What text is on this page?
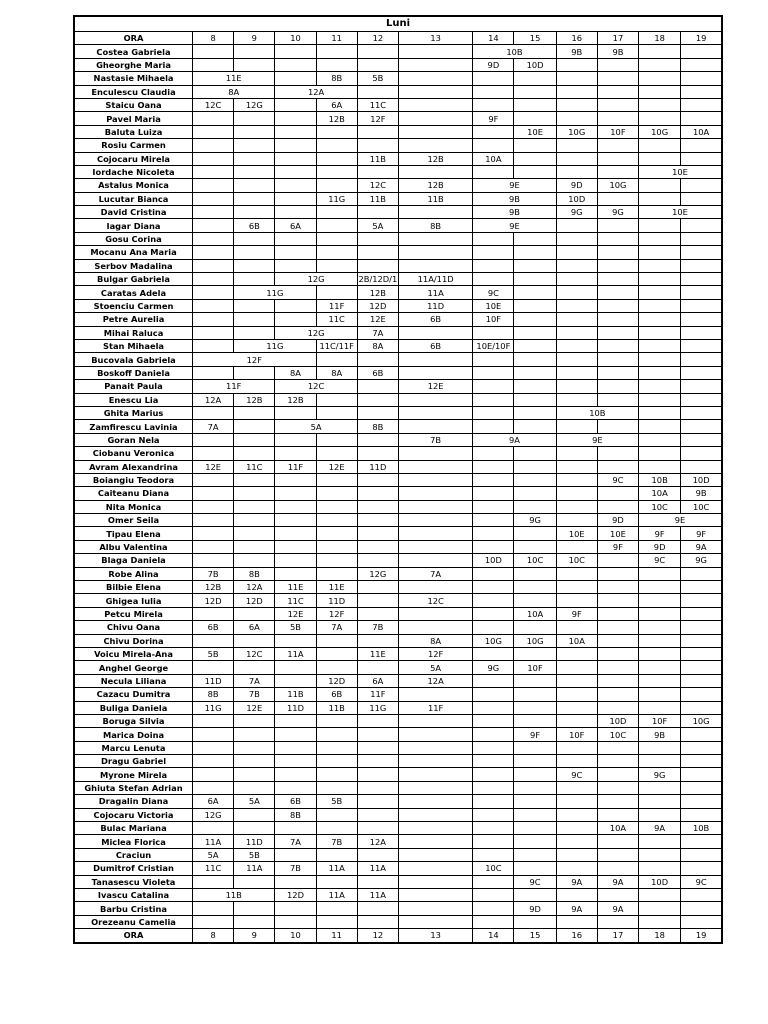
Luni												
ORA	8	9	10	11	12	13	14	15	16	17	18	19
Costea Gabriela							10B		9B	9B		
Gheorghe Maria							9D	10D				
Nastasie Mihaela	11E			8B	5B							
Enculescu Claudia	8A		12A									
Staicu Oana	12C	12G		6A	11C							
Pavel Maria				12B	12F		9F					
Baluta Luiza								10E	10G	10F	10G	10A
Rosiu Carmen												
Cojocaru Mirela					11B	12B	10A					
Iordache Nicoleta											10E	
Astalus Monica					12C	12B	9E		9D	10G		
Lucutar Bianca				11G	11B	11B	9B		10D			
David Cristina							9B		9G	9G	10E	
Iagar Diana		6B	6A		5A	8B	9E					
Gosu Corina												
Mocanu Ana Maria												
Serbov Madalina												
Bulgar Gabriela			12G		2B/12D/1	11A/11D						
Caratas Adela		11G			12B	11A	9C					
Stoenciu Carmen				11F	12D	11D	10E					
Petre Aurelia				11C	12E	6B	10F					
Mihai Raluca			12G		7A							
Stan Mihaela		11G		11C/11F	8A	6B	10E/10F					
Bucovala Gabriela	12F											
Boskoff Daniela			8A	8A	6B							
Panait Paula	11F		12C			12E						
Enescu Lia	12A	12B	12B									
Ghita Marius									10B			
Zamfirescu Lavinia	7A		5A		8B							
Goran Nela						7B	9A		9E			
Ciobanu Veronica												
Avram Alexandrina	12E	11C	11F	12E	11D							
Boiangiu Teodora										9C	10B	10D
Caiteanu Diana											10A	9B
Nita Monica											10C	10C
Omer Seila								9G		9D	9E	
Tipau Elena									10E	10E	9F	9F
Albu Valentina										9F	9D	9A
Blaga Daniela							10D	10C	10C		9C	9G
Robe Alina	7B	8B			12G	7A						
Bilbie Elena	12B	12A	11E	11E								
Ghigea Iulia	12D	12D	11C	11D		12C						
Petcu Mirela			12E	12F				10A	9F			
Chivu Oana	6B	6A	5B	7A	7B							
Chivu Dorina						8A	10G	10G	10A			
Voicu Mirela-Ana	5B	12C	11A		11E	12F						
Anghel George						5A	9G	10F				
Necula Liliana	11D	7A		12D	6A	12A						
Cazacu Dumitra	8B	7B	11B	6B	11F							
Buliga Daniela	11G	12E	11D	11B	11G	11F						
Boruga Silvia										10D	10F	10G
Marica Doina								9F	10F	10C	9B	
Marcu Lenuta												
Dragu Gabriel												
Myrone Mirela									9C		9G	
Ghiuta Stefan Adrian												
Dragalin Diana	6A	5A	6B	5B								
Cojocaru Victoria	12G		8B									
Bulac Mariana										10A	9A	10B
Miclea Florica	11A	11D	7A	7B	12A							
Craciun	5A	5B										
Dumitrof Cristian	11C	11A	7B	11A	11A		10C					
Tanasescu Violeta								9C	9A	9A	10D	9C
Ivascu Catalina	11B		12D	11A	11A							
Barbu Cristina								9D	9A	9A		
Orezeanu Camelia												
ORA	8	9	10	11	12	13	14	15	16	17	18	19
